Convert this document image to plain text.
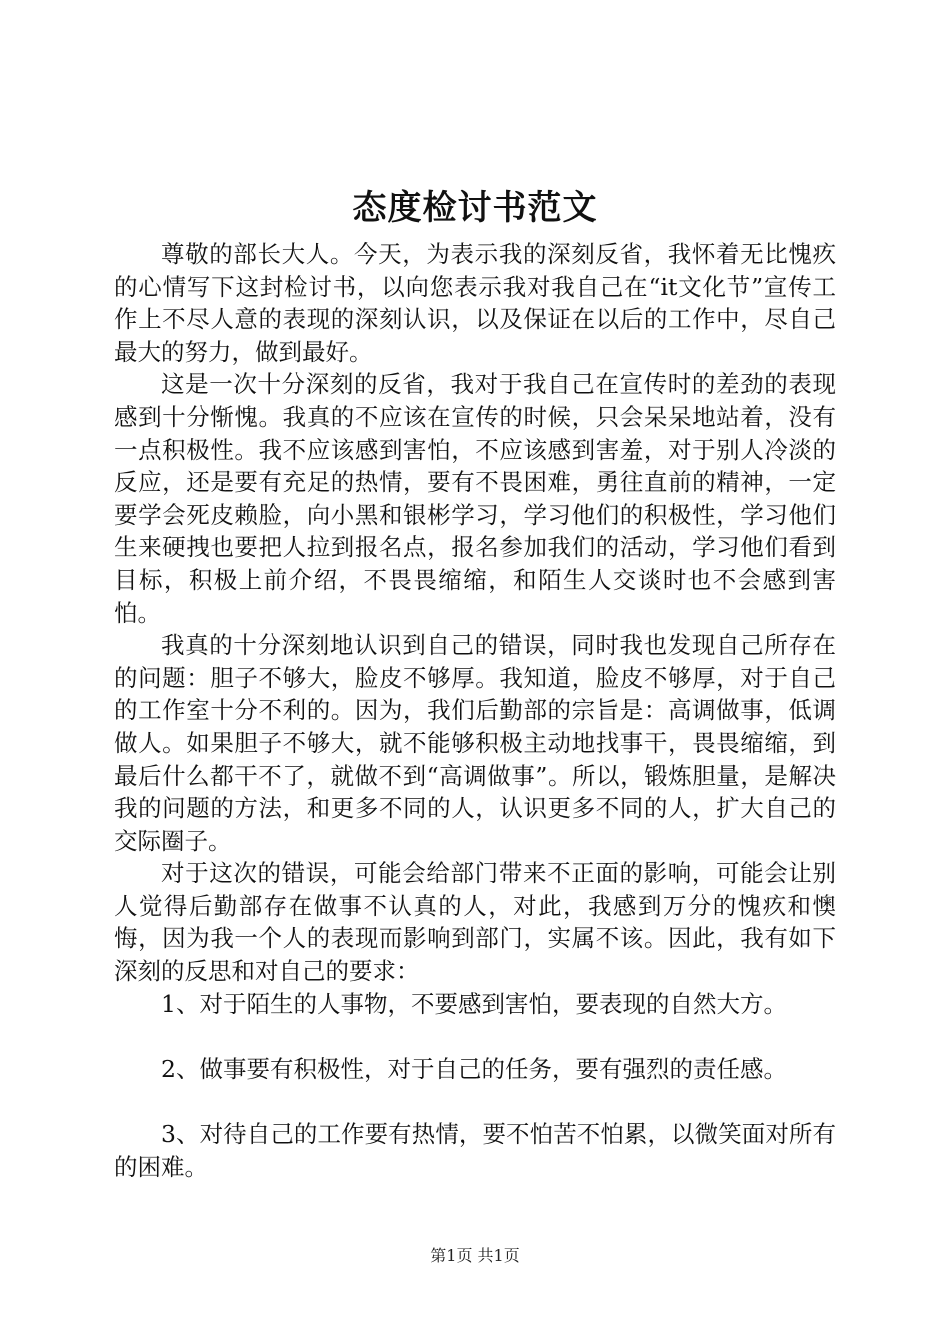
态度检讨书范文

尊敬的部长大人。今天，为表示我的深刻反省，我怀着无比愧疚的心情写下这封检讨书，以向您表示我对我自己在“it文化节”宣传工作上不尽人意的表现的深刻认识，以及保证在以后的工作中，尽自己最大的努力，做到最好。

这是一次十分深刻的反省，我对于我自己在宣传时的差劲的表现感到十分惭愧。我真的不应该在宣传的时候，只会呆呆地站着，没有一点积极性。我不应该感到害怕，不应该感到害羞，对于别人冷淡的反应，还是要有充足的热情，要有不畏困难，勇往直前的精神，一定要学会死皮赖脸，向小黑和银彬学习，学习他们的积极性，学习他们生来硬拽也要把人拉到报名点，报名参加我们的活动，学习他们看到目标，积极上前介绍，不畏畏缩缩，和陌生人交谈时也不会感到害怕。

我真的十分深刻地认识到自己的错误，同时我也发现自己所存在的问题：胆子不够大，脸皮不够厚。我知道，脸皮不够厚，对于自己的工作室十分不利的。因为，我们后勤部的宗旨是：高调做事，低调做人。如果胆子不够大，就不能够积极主动地找事干，畏畏缩缩，到最后什么都干不了，就做不到“高调做事”。所以，锻炼胆量，是解决我的问题的方法，和更多不同的人，认识更多不同的人，扩大自己的交际圈子。

对于这次的错误，可能会给部门带来不正面的影响，可能会让别人觉得后勤部存在做事不认真的人，对此，我感到万分的愧疚和懊悔，因为我一个人的表现而影响到部门，实属不该。因此，我有如下深刻的反思和对自己的要求：

1、对于陌生的人事物，不要感到害怕，要表现的自然大方。

2、做事要有积极性，对于自己的任务，要有强烈的责任感。

3、对待自己的工作要有热情，要不怕苦不怕累，以微笑面对所有的困难。

第1页 共1页
